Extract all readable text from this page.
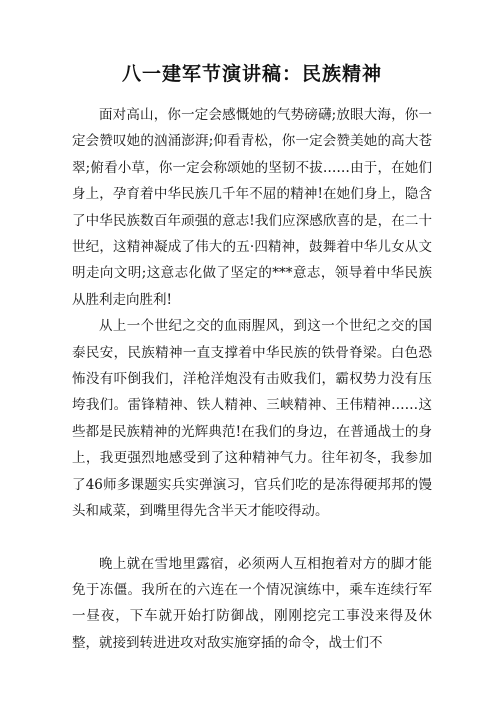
八一建军节演讲稿：民族精神

面对高山，你一定会感慨她的气势磅礴;放眼大海，你一定会赞叹她的汹涌澎湃;仰看青松，你一定会赞美她的高大苍翠;俯看小草，你一定会称颂她的坚韧不拔……由于，在她们身上，孕育着中华民族几千年不屈的精神!在她们身上，隐含了中华民族数百年顽强的意志!我们应深感欣喜的是，在二十世纪，这精神凝成了伟大的五·四精神，鼓舞着中华儿女从文明走向文明;这意志化做了坚定的***意志，领导着中华民族从胜利走向胜利!

从上一个世纪之交的血雨腥风，到这一个世纪之交的国泰民安，民族精神一直支撑着中华民族的铁骨脊梁。白色恐怖没有吓倒我们，洋枪洋炮没有击败我们，霸权势力没有压垮我们。雷锋精神、铁人精神、三峡精神、王伟精神……这些都是民族精神的光辉典范!在我们的身边，在普通战士的身上，我更强烈地感受到了这种精神气力。往年初冬，我参加了46师多课题实兵实弹演习，官兵们吃的是冻得硬邦邦的馒头和咸菜，到嘴里得先含半天才能咬得动。

晚上就在雪地里露宿，必须两人互相抱着对方的脚才能免于冻僵。我所在的六连在一个情况演练中，乘车连续行军一昼夜，下车就开始打防御战，刚刚挖完工事没来得及休整，就接到转进进攻对敌实施穿插的命令，战士们不
